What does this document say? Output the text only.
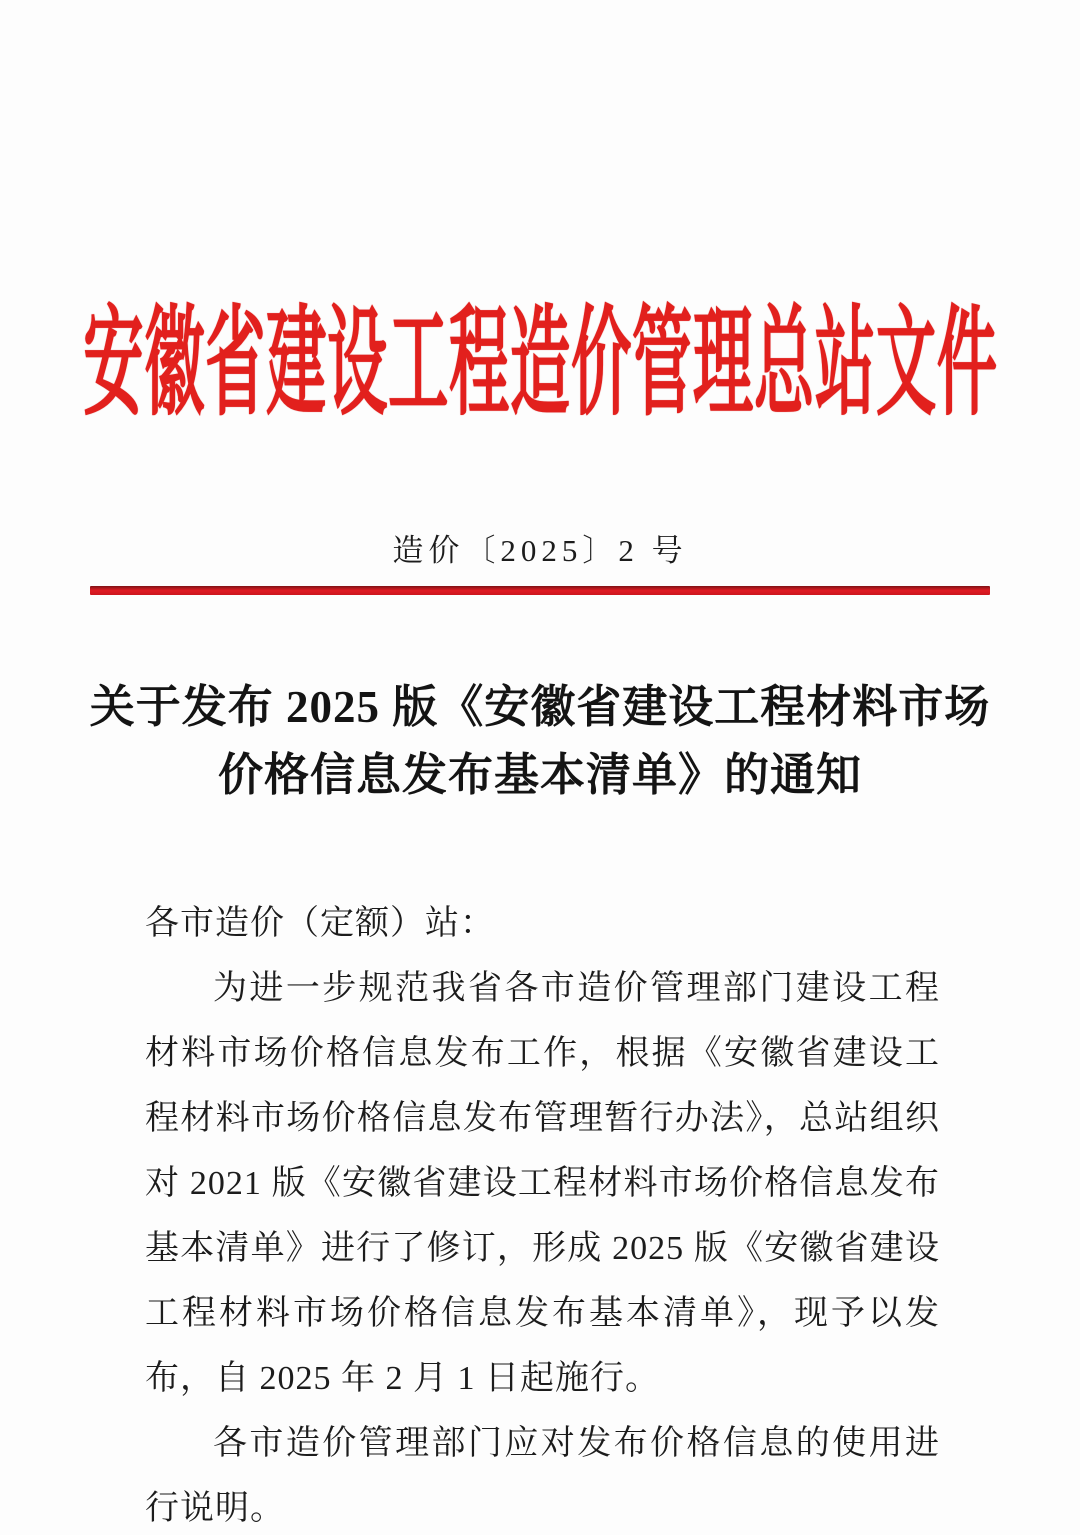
安徽省建设工程造价管理总站文件
造价〔2025〕2 号
关于发布 2025 版《安徽省建设工程材料市场
价格信息发布基本清单》的通知

各市造价（定额）站：

为进一步规范我省各市造价管理部门建设工程材料市场价格信息发布工作，根据《安徽省建设工程材料市场价格信息发布管理暂行办法》，总站组织对 2021 版《安徽省建设工程材料市场价格信息发布基本清单》进行了修订，形成 2025 版《安徽省建设工程材料市场价格信息发布基本清单》，现予以发布，自 2025 年 2 月 1 日起施行。

各市造价管理部门应对发布价格信息的使用进行说明。
